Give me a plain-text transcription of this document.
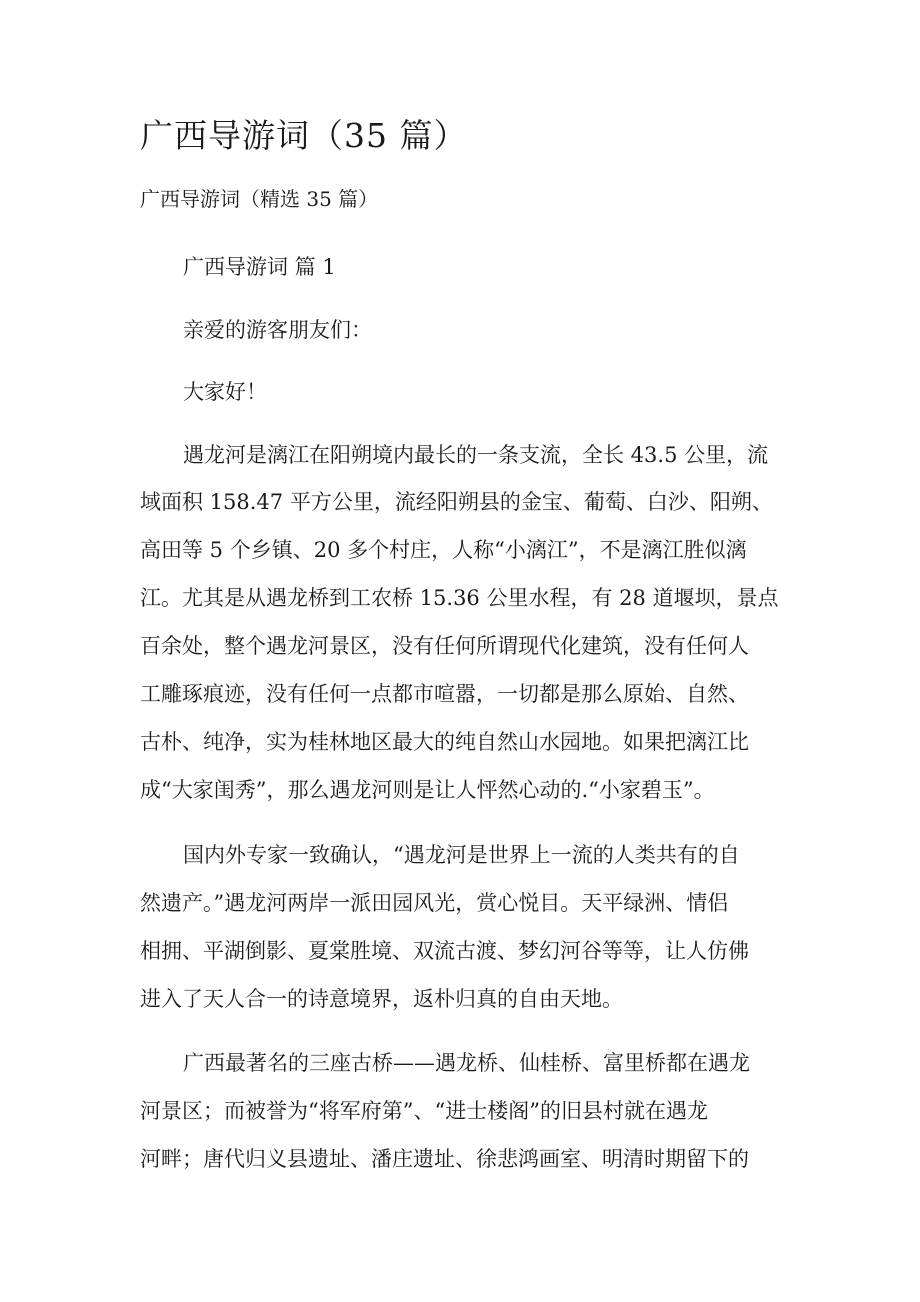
广西导游词（35 篇）
广西导游词（精选 35 篇）
广西导游词 篇 1
亲爱的游客朋友们：
大家好！
遇龙河是漓江在阳朔境内最长的一条支流，全长 43.5 公里，流
域面积 158.47 平方公里，流经阳朔县的金宝、葡萄、白沙、阳朔、
高田等 5 个乡镇、20 多个村庄，人称“小漓江”，不是漓江胜似漓
江。尤其是从遇龙桥到工农桥 15.36 公里水程，有 28 道堰坝，景点
百余处，整个遇龙河景区，没有任何所谓现代化建筑，没有任何人
工雕琢痕迹，没有任何一点都市喧嚣，一切都是那么原始、自然、
古朴、纯净，实为桂林地区最大的纯自然山水园地。如果把漓江比
成“大家闺秀”，那么遇龙河则是让人怦然心动的.“小家碧玉”。
国内外专家一致确认，“遇龙河是世界上一流的人类共有的自
然遗产。”遇龙河两岸一派田园风光，赏心悦目。天平绿洲、情侣
相拥、平湖倒影、夏棠胜境、双流古渡、梦幻河谷等等，让人仿佛
进入了天人合一的诗意境界，返朴归真的自由天地。
广西最著名的三座古桥——遇龙桥、仙桂桥、富里桥都在遇龙
河景区；而被誉为“将军府第”、“进士楼阁”的旧县村就在遇龙
河畔；唐代归义县遗址、潘庄遗址、徐悲鸿画室、明清时期留下的
